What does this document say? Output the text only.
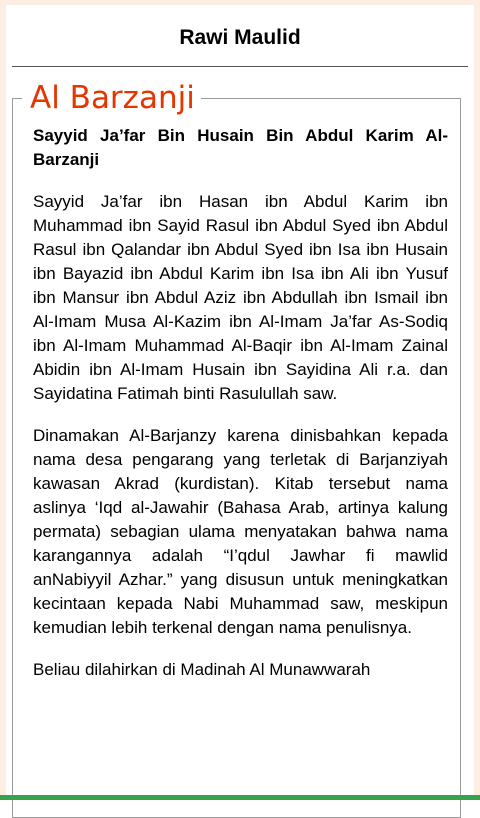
Rawi Maulid
Al Barzanji

Sayyid Ja’far Bin Husain Bin Abdul Karim Al-Barzanji

Sayyid Ja’far ibn Hasan ibn Abdul Karim ibn Muhammad ibn Sayid Rasul ibn Abdul Syed ibn Abdul Rasul ibn Qalandar ibn Abdul Syed ibn Isa ibn Husain ibn Bayazid ibn Abdul Karim ibn Isa ibn Ali ibn Yusuf ibn Mansur ibn Abdul Aziz ibn Abdullah ibn Ismail ibn Al-Imam Musa Al-Kazim ibn Al-Imam Ja’far As-Sodiq ibn Al-Imam Muhammad Al-Baqir ibn Al-Imam Zainal Abidin ibn Al-Imam Husain ibn Sayidina Ali r.a. dan Sayidatina Fatimah binti Rasulullah saw.

Dinamakan Al-Barjanzy karena dinisbahkan kepada nama desa pengarang yang terletak di Barjanziyah kawasan Akrad (kurdistan). Kitab tersebut nama aslinya ‘Iqd al-Jawahir (Bahasa Arab, artinya kalung permata) sebagian ulama menyatakan bahwa nama karangannya adalah “I’qdul Jawhar fi mawlid anNabiyyil Azhar.” yang disusun untuk meningkatkan kecintaan kepada Nabi Muhammad saw, meskipun kemudian lebih terkenal dengan nama penulisnya.

Beliau dilahirkan di Madinah Al Munawwarah
